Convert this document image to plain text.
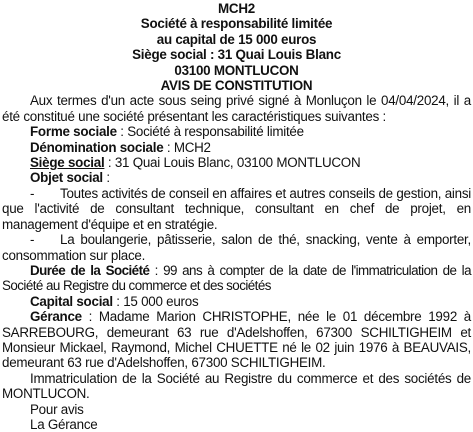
MCH2

Société à responsabilité limitée

au capital de 15 000 euros

Siège social : 31 Quai Louis Blanc

03100 MONTLUCON

AVIS DE CONSTITUTION

Aux termes d'un acte sous seing privé signé à Monluçon le 04/04/2024, il a été constitué une société présentant les caractéristiques suivantes :

Forme sociale : Société à responsabilité limitée

Dénomination sociale : MCH2

Siège social : 31 Quai Louis Blanc, 03100 MONTLUCON

Objet social :

- Toutes activités de conseil en affaires et autres conseils de gestion, ainsi que l'activité de consultant technique, consultant en chef de projet, en management d'équipe et en stratégie.

- La boulangerie, pâtisserie, salon de thé, snacking, vente à emporter, consommation sur place.

Durée de la Société : 99 ans à compter de la date de l'immatriculation de la Société au Registre du commerce et des sociétés

Capital social : 15 000 euros

Gérance : Madame Marion CHRISTOPHE, née le 01 décembre 1992 à SARREBOURG, demeurant 63 rue d'Adelshoffen, 67300 SCHILTIGHEIM et Monsieur Mickael, Raymond, Michel CHUETTE né le 02 juin 1976 à BEAUVAIS, demeurant 63 rue d'Adelshoffen, 67300 SCHILTIGHEIM.

Immatriculation de la Société au Registre du commerce et des sociétés de MONTLUCON.

Pour avis

La Gérance
